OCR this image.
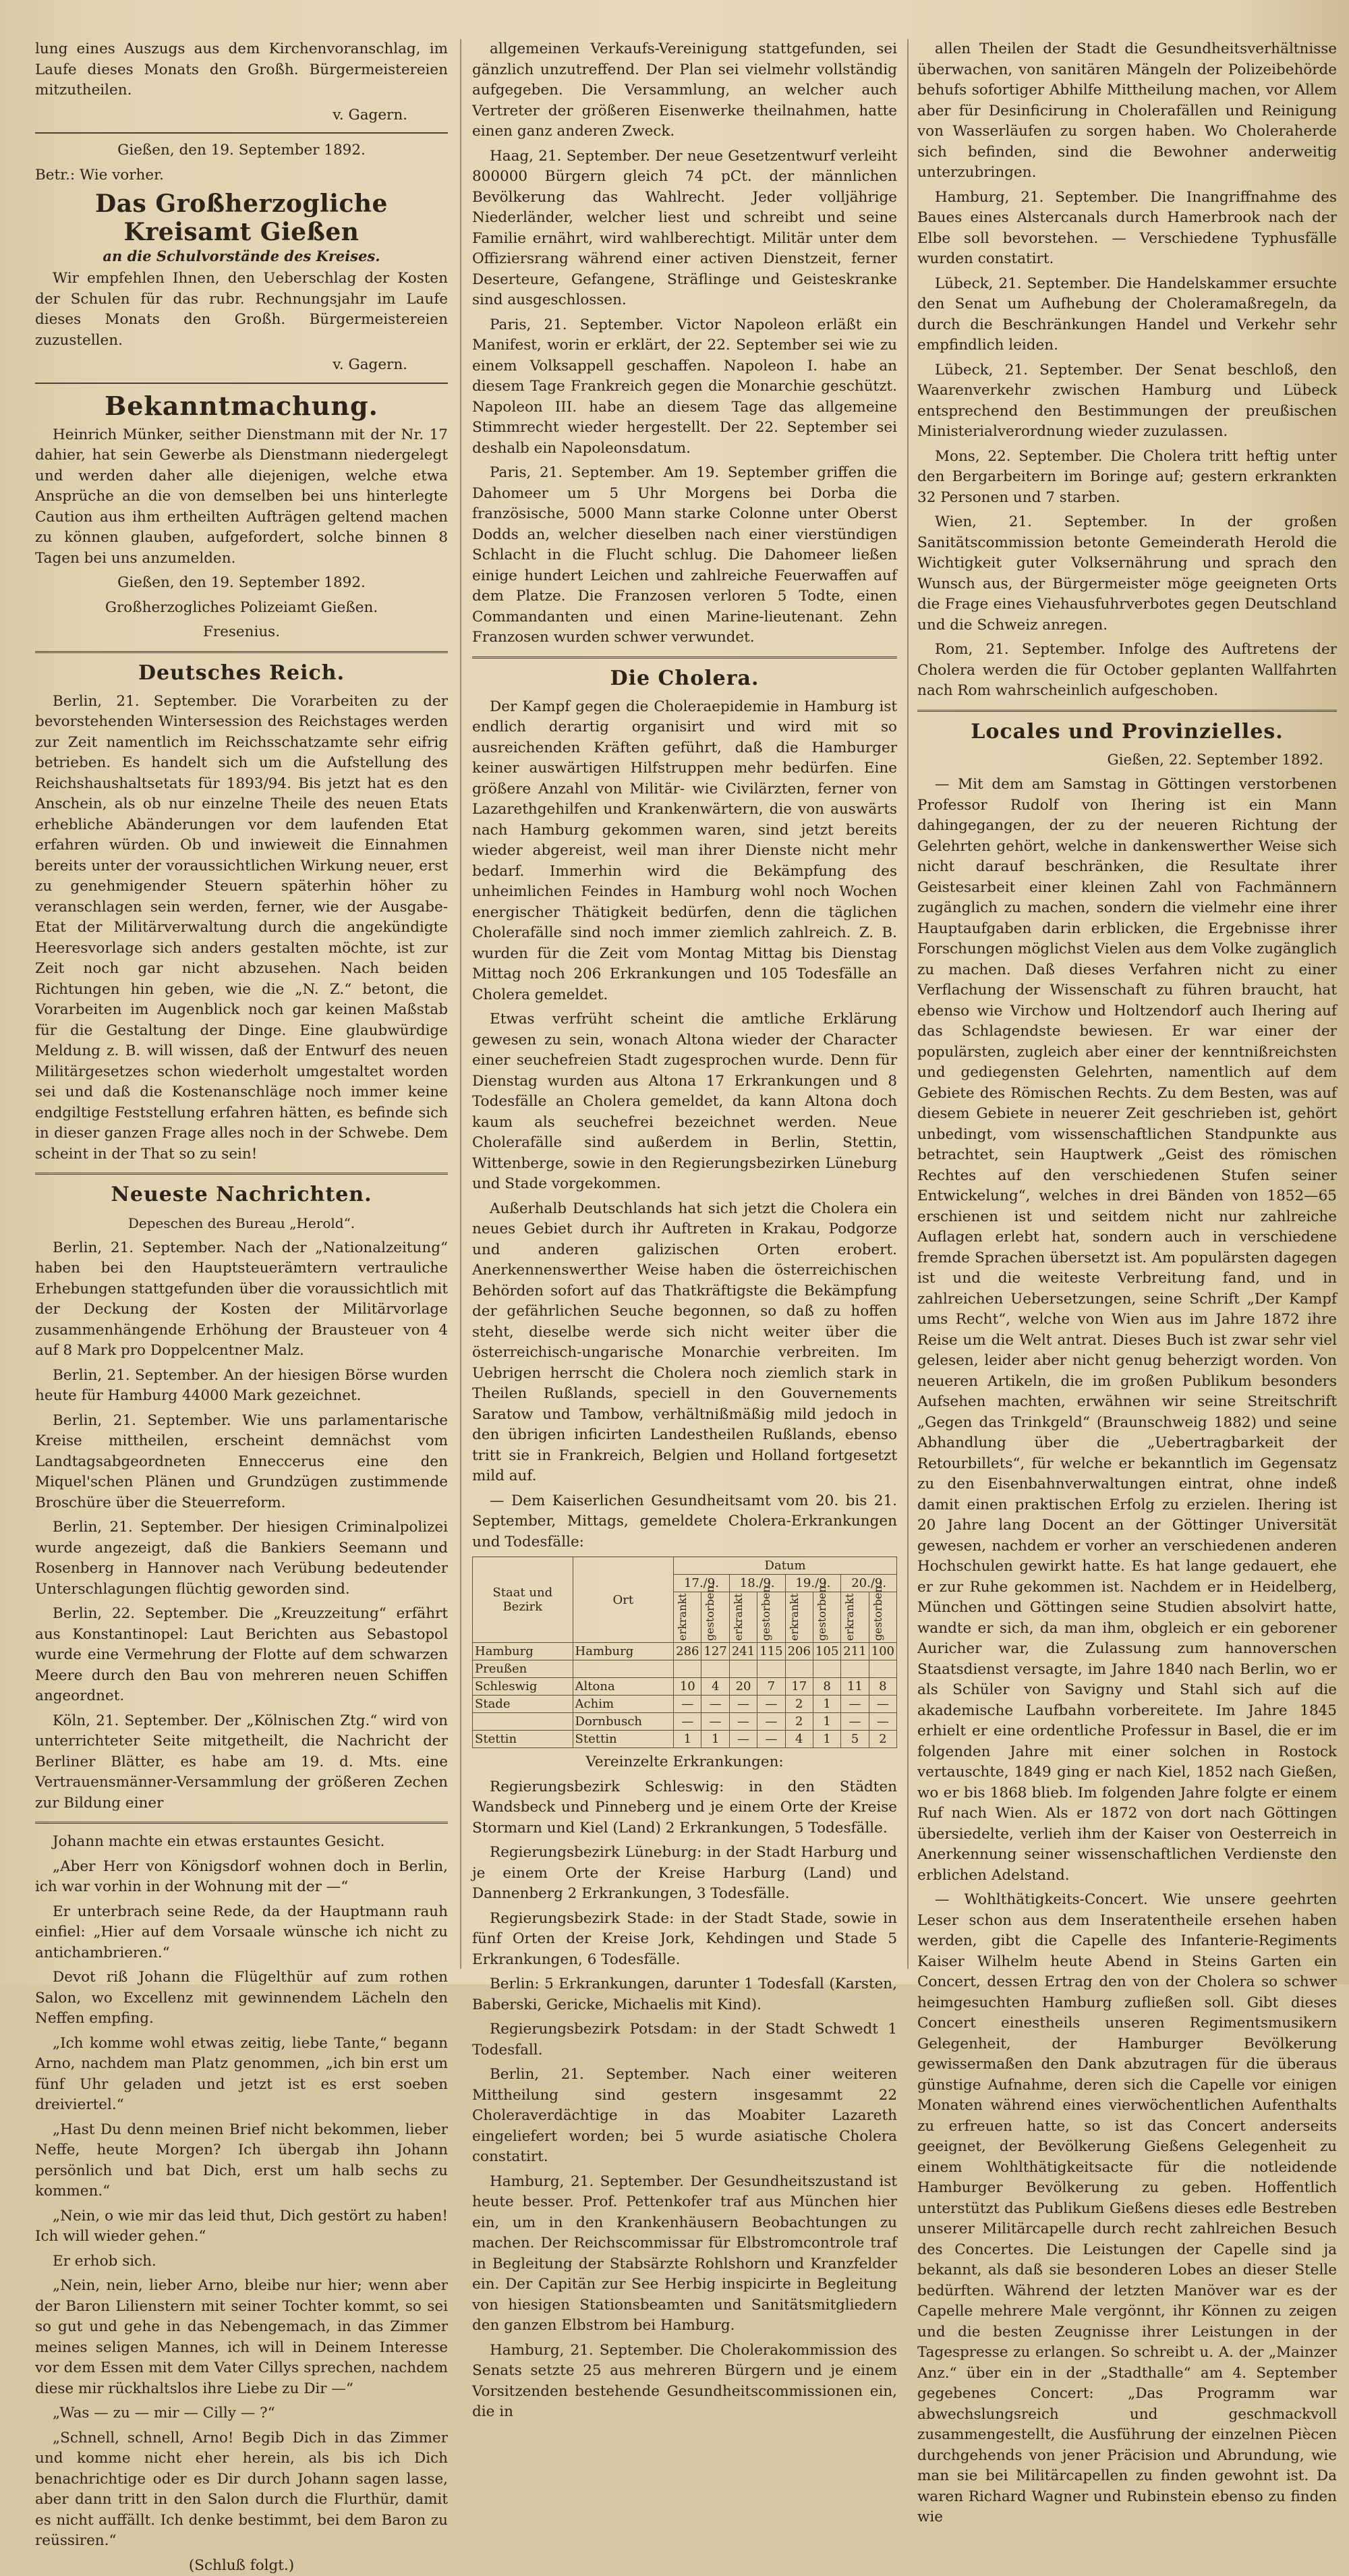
lung eines Auszugs aus dem Kirchenvoranschlag, im Laufe dieses Monats den Großh. Bürgermeistereien mitzutheilen.

v. Gagern.

Gießen, den 19. September 1892.

Betr.: Wie vorher.

Das Großherzogliche Kreisamt Gießen
an die Schulvorstände des Kreises.

Wir empfehlen Ihnen, den Ueberschlag der Kosten der Schulen für das rubr. Rechnungsjahr im Laufe dieses Monats den Großh. Bürgermeistereien zuzustellen.

v. Gagern.

Bekanntmachung.

Heinrich Münker, seither Dienstmann mit der Nr. 17 dahier, hat sein Gewerbe als Dienstmann niedergelegt und werden daher alle diejenigen, welche etwa Ansprüche an die von demselben bei uns hinterlegte Caution aus ihm ertheilten Aufträgen geltend machen zu können glauben, aufgefordert, solche binnen 8 Tagen bei uns anzumelden.

Gießen, den 19. September 1892.

Großherzogliches Polizeiamt Gießen.

Fresenius.

Deutsches Reich.

Berlin, 21. September. Die Vorarbeiten zu der bevorstehenden Wintersession des Reichstages werden zur Zeit namentlich im Reichsschatzamte sehr eifrig betrieben. Es handelt sich um die Aufstellung des Reichshaushaltsetats für 1893/94. Bis jetzt hat es den Anschein, als ob nur einzelne Theile des neuen Etats erhebliche Abänderungen vor dem laufenden Etat erfahren würden. Ob und inwieweit die Einnahmen bereits unter der voraussichtlichen Wirkung neuer, erst zu genehmigender Steuern späterhin höher zu veranschlagen sein werden, ferner, wie der Ausgabe-Etat der Militärverwaltung durch die angekündigte Heeresvorlage sich anders gestalten möchte, ist zur Zeit noch gar nicht abzusehen. Nach beiden Richtungen hin geben, wie die „N. Z.“ betont, die Vorarbeiten im Augenblick noch gar keinen Maßstab für die Gestaltung der Dinge. Eine glaubwürdige Meldung z. B. will wissen, daß der Entwurf des neuen Militärgesetzes schon wiederholt umgestaltet worden sei und daß die Kostenanschläge noch immer keine endgiltige Feststellung erfahren hätten, es befinde sich in dieser ganzen Frage alles noch in der Schwebe. Dem scheint in der That so zu sein!

Neueste Nachrichten.

Depeschen des Bureau „Herold“.

Berlin, 21. September. Nach der „Nationalzeitung“ haben bei den Hauptsteuerämtern vertrauliche Erhebungen stattgefunden über die voraussichtlich mit der Deckung der Kosten der Militärvorlage zusammenhängende Erhöhung der Brausteuer von 4 auf 8 Mark pro Doppelcentner Malz.

Berlin, 21. September. An der hiesigen Börse wurden heute für Hamburg 44000 Mark gezeichnet.

Berlin, 21. September. Wie uns parlamentarische Kreise mittheilen, erscheint demnächst vom Landtagsabgeordneten Enneccerus eine den Miquel'schen Plänen und Grundzügen zustimmende Broschüre über die Steuerreform.

Berlin, 21. September. Der hiesigen Criminalpolizei wurde angezeigt, daß die Bankiers Seemann und Rosenberg in Hannover nach Verübung bedeutender Unterschlagungen flüchtig geworden sind.

Berlin, 22. September. Die „Kreuzzeitung“ erfährt aus Konstantinopel: Laut Berichten aus Sebastopol wurde eine Vermehrung der Flotte auf dem schwarzen Meere durch den Bau von mehreren neuen Schiffen angeordnet.

Köln, 21. September. Der „Kölnischen Ztg.“ wird von unterrichteter Seite mitgetheilt, die Nachricht der Berliner Blätter, es habe am 19. d. Mts. eine Vertrauensmänner-Versammlung der größeren Zechen zur Bildung einer

Johann machte ein etwas erstauntes Gesicht.

„Aber Herr von Königsdorf wohnen doch in Berlin, ich war vorhin in der Wohnung mit der —“

Er unterbrach seine Rede, da der Hauptmann rauh einfiel: „Hier auf dem Vorsaale wünsche ich nicht zu antichambrieren.“

Devot riß Johann die Flügelthür auf zum rothen Salon, wo Excellenz mit gewinnendem Lächeln den Neffen empfing.

„Ich komme wohl etwas zeitig, liebe Tante,“ begann Arno, nachdem man Platz genommen, „ich bin erst um fünf Uhr geladen und jetzt ist es erst soeben dreiviertel.“

„Hast Du denn meinen Brief nicht bekommen, lieber Neffe, heute Morgen? Ich übergab ihn Johann persönlich und bat Dich, erst um halb sechs zu kommen.“

„Nein, o wie mir das leid thut, Dich gestört zu haben! Ich will wieder gehen.“

Er erhob sich.

„Nein, nein, lieber Arno, bleibe nur hier; wenn aber der Baron Lilienstern mit seiner Tochter kommt, so sei so gut und gehe in das Nebengemach, in das Zimmer meines seligen Mannes, ich will in Deinem Interesse vor dem Essen mit dem Vater Cillys sprechen, nachdem diese mir rückhaltslos ihre Liebe zu Dir —“

„Was — zu — mir — Cilly — ?“

„Schnell, schnell, Arno! Begib Dich in das Zimmer und komme nicht eher herein, als bis ich Dich benachrichtige oder es Dir durch Johann sagen lasse, aber dann tritt in den Salon durch die Flurthür, damit es nicht auffällt. Ich denke bestimmt, bei dem Baron zu reüssiren.“

(Schluß folgt.)

allgemeinen Verkaufs-Vereinigung stattgefunden, sei gänzlich unzutreffend. Der Plan sei vielmehr vollständig aufgegeben. Die Versammlung, an welcher auch Vertreter der größeren Eisenwerke theilnahmen, hatte einen ganz anderen Zweck.

Haag, 21. September. Der neue Gesetzentwurf verleiht 800000 Bürgern gleich 74 pCt. der männlichen Bevölkerung das Wahlrecht. Jeder volljährige Niederländer, welcher liest und schreibt und seine Familie ernährt, wird wahlberechtigt. Militär unter dem Offiziersrang während einer activen Dienstzeit, ferner Deserteure, Gefangene, Sträflinge und Geisteskranke sind ausgeschlossen.

Paris, 21. September. Victor Napoleon erläßt ein Manifest, worin er erklärt, der 22. September sei wie zu einem Volksappell geschaffen. Napoleon I. habe an diesem Tage Frankreich gegen die Monarchie geschützt. Napoleon III. habe an diesem Tage das allgemeine Stimmrecht wieder hergestellt. Der 22. September sei deshalb ein Napoleonsdatum.

Paris, 21. September. Am 19. September griffen die Dahomeer um 5 Uhr Morgens bei Dorba die französische, 5000 Mann starke Colonne unter Oberst Dodds an, welcher dieselben nach einer vierstündigen Schlacht in die Flucht schlug. Die Dahomeer ließen einige hundert Leichen und zahlreiche Feuerwaffen auf dem Platze. Die Franzosen verloren 5 Todte, einen Commandanten und einen Marine-lieutenant. Zehn Franzosen wurden schwer verwundet.

Die Cholera.

Der Kampf gegen die Choleraepidemie in Hamburg ist endlich derartig organisirt und wird mit so ausreichenden Kräften geführt, daß die Hamburger keiner auswärtigen Hilfstruppen mehr bedürfen. Eine größere Anzahl von Militär- wie Civilärzten, ferner von Lazarethgehilfen und Krankenwärtern, die von auswärts nach Hamburg gekommen waren, sind jetzt bereits wieder abgereist, weil man ihrer Dienste nicht mehr bedarf. Immerhin wird die Bekämpfung des unheimlichen Feindes in Hamburg wohl noch Wochen energischer Thätigkeit bedürfen, denn die täglichen Cholerafälle sind noch immer ziemlich zahlreich. Z. B. wurden für die Zeit vom Montag Mittag bis Dienstag Mittag noch 206 Erkrankungen und 105 Todesfälle an Cholera gemeldet.

Etwas verfrüht scheint die amtliche Erklärung gewesen zu sein, wonach Altona wieder der Character einer seuchefreien Stadt zugesprochen wurde. Denn für Dienstag wurden aus Altona 17 Erkrankungen und 8 Todesfälle an Cholera gemeldet, da kann Altona doch kaum als seuchefrei bezeichnet werden. Neue Cholerafälle sind außerdem in Berlin, Stettin, Wittenberge, sowie in den Regierungsbezirken Lüneburg und Stade vorgekommen.

Außerhalb Deutschlands hat sich jetzt die Cholera ein neues Gebiet durch ihr Auftreten in Krakau, Podgorze und anderen galizischen Orten erobert. Anerkennenswerther Weise haben die österreichischen Behörden sofort auf das Thatkräftigste die Bekämpfung der gefährlichen Seuche begonnen, so daß zu hoffen steht, dieselbe werde sich nicht weiter über die österreichisch-ungarische Monarchie verbreiten. Im Uebrigen herrscht die Cholera noch ziemlich stark in Theilen Rußlands, speciell in den Gouvernements Saratow und Tambow, verhältnißmäßig mild jedoch in den übrigen inficirten Landestheilen Rußlands, ebenso tritt sie in Frankreich, Belgien und Holland fortgesetzt mild auf.

— Dem Kaiserlichen Gesundheitsamt vom 20. bis 21. September, Mittags, gemeldete Cholera-Erkrankungen und Todesfälle:

Staat und Bezirk	Ort	Datum							
		17./9.		18./9.		19./9.		20./9.	

		erkrankt	gestorben	erkrankt	gestorben	erkrankt	gestorben	erkrankt	gestorben

Hamburg	Hamburg	286	127	241	115	206	105	211	100
Preußen									
Schleswig	Altona	10	4	20	7	17	8	11	8
Stade	Achim	—	—	—	—	2	1	—	—
	Dornbusch	—	—	—	—	2	1	—	—
Stettin	Stettin	1	1	—	—	4	1	5	2

Vereinzelte Erkrankungen:

Regierungsbezirk Schleswig: in den Städten Wandsbeck und Pinneberg und je einem Orte der Kreise Stormarn und Kiel (Land) 2 Erkrankungen, 5 Todesfälle.

Regierungsbezirk Lüneburg: in der Stadt Harburg und je einem Orte der Kreise Harburg (Land) und Dannenberg 2 Erkrankungen, 3 Todesfälle.

Regierungsbezirk Stade: in der Stadt Stade, sowie in fünf Orten der Kreise Jork, Kehdingen und Stade 5 Erkrankungen, 6 Todesfälle.

Berlin: 5 Erkrankungen, darunter 1 Todesfall (Karsten, Baberski, Gericke, Michaelis mit Kind).

Regierungsbezirk Potsdam: in der Stadt Schwedt 1 Todesfall.

Berlin, 21. September. Nach einer weiteren Mittheilung sind gestern insgesammt 22 Choleraverdächtige in das Moabiter Lazareth eingeliefert worden; bei 5 wurde asiatische Cholera constatirt.

Hamburg, 21. September. Der Gesundheitszustand ist heute besser. Prof. Pettenkofer traf aus München hier ein, um in den Krankenhäusern Beobachtungen zu machen. Der Reichscommissar für Elbstromcontrole traf in Begleitung der Stabsärzte Rohlshorn und Kranzfelder ein. Der Capitän zur See Herbig inspicirte in Begleitung von hiesigen Stationsbeamten und Sanitätsmitgliedern den ganzen Elbstrom bei Hamburg.

Hamburg, 21. September. Die Cholerakommission des Senats setzte 25 aus mehreren Bürgern und je einem Vorsitzenden bestehende Gesundheitscommissionen ein, die in

allen Theilen der Stadt die Gesundheitsverhältnisse überwachen, von sanitären Mängeln der Polizeibehörde behufs sofortiger Abhilfe Mittheilung machen, vor Allem aber für Desinficirung in Cholerafällen und Reinigung von Wasserläufen zu sorgen haben. Wo Choleraherde sich befinden, sind die Bewohner anderweitig unterzubringen.

Hamburg, 21. September. Die Inangriffnahme des Baues eines Alstercanals durch Hamerbrook nach der Elbe soll bevorstehen. — Verschiedene Typhusfälle wurden constatirt.

Lübeck, 21. September. Die Handelskammer ersuchte den Senat um Aufhebung der Choleramaßregeln, da durch die Beschränkungen Handel und Verkehr sehr empfindlich leiden.

Lübeck, 21. September. Der Senat beschloß, den Waarenverkehr zwischen Hamburg und Lübeck entsprechend den Bestimmungen der preußischen Ministerialverordnung wieder zuzulassen.

Mons, 22. September. Die Cholera tritt heftig unter den Bergarbeitern im Boringe auf; gestern erkrankten 32 Personen und 7 starben.

Wien, 21. September. In der großen Sanitätscommission betonte Gemeinderath Herold die Wichtigkeit guter Volksernährung und sprach den Wunsch aus, der Bürgermeister möge geeigneten Orts die Frage eines Viehausfuhrverbotes gegen Deutschland und die Schweiz anregen.

Rom, 21. September. Infolge des Auftretens der Cholera werden die für October geplanten Wallfahrten nach Rom wahrscheinlich aufgeschoben.

Locales und Provinzielles.

Gießen, 22. September 1892.

— Mit dem am Samstag in Göttingen verstorbenen Professor Rudolf von Ihering ist ein Mann dahingegangen, der zu der neueren Richtung der Gelehrten gehört, welche in dankenswerther Weise sich nicht darauf beschränken, die Resultate ihrer Geistesarbeit einer kleinen Zahl von Fachmännern zugänglich zu machen, sondern die vielmehr eine ihrer Hauptaufgaben darin erblicken, die Ergebnisse ihrer Forschungen möglichst Vielen aus dem Volke zugänglich zu machen. Daß dieses Verfahren nicht zu einer Verflachung der Wissenschaft zu führen braucht, hat ebenso wie Virchow und Holtzendorf auch Ihering auf das Schlagendste bewiesen. Er war einer der populärsten, zugleich aber einer der kenntnißreichsten und gediegensten Gelehrten, namentlich auf dem Gebiete des Römischen Rechts. Zu dem Besten, was auf diesem Gebiete in neuerer Zeit geschrieben ist, gehört unbedingt, vom wissenschaftlichen Standpunkte aus betrachtet, sein Hauptwerk „Geist des römischen Rechtes auf den verschiedenen Stufen seiner Entwickelung“, welches in drei Bänden von 1852—65 erschienen ist und seitdem nicht nur zahlreiche Auflagen erlebt hat, sondern auch in verschiedene fremde Sprachen übersetzt ist. Am populärsten dagegen ist und die weiteste Verbreitung fand, und in zahlreichen Uebersetzungen, seine Schrift „Der Kampf ums Recht“, welche von Wien aus im Jahre 1872 ihre Reise um die Welt antrat. Dieses Buch ist zwar sehr viel gelesen, leider aber nicht genug beherzigt worden. Von neueren Artikeln, die im großen Publikum besonders Aufsehen machten, erwähnen wir seine Streitschrift „Gegen das Trinkgeld“ (Braunschweig 1882) und seine Abhandlung über die „Uebertragbarkeit der Retourbillets“, für welche er bekanntlich im Gegensatz zu den Eisenbahnverwaltungen eintrat, ohne indeß damit einen praktischen Erfolg zu erzielen. Ihering ist 20 Jahre lang Docent an der Göttinger Universität gewesen, nachdem er vorher an verschiedenen anderen Hochschulen gewirkt hatte. Es hat lange gedauert, ehe er zur Ruhe gekommen ist. Nachdem er in Heidelberg, München und Göttingen seine Studien absolvirt hatte, wandte er sich, da man ihm, obgleich er ein geborener Auricher war, die Zulassung zum hannoverschen Staatsdienst versagte, im Jahre 1840 nach Berlin, wo er als Schüler von Savigny und Stahl sich auf die akademische Laufbahn vorbereitete. Im Jahre 1845 erhielt er eine ordentliche Professur in Basel, die er im folgenden Jahre mit einer solchen in Rostock vertauschte, 1849 ging er nach Kiel, 1852 nach Gießen, wo er bis 1868 blieb. Im folgenden Jahre folgte er einem Ruf nach Wien. Als er 1872 von dort nach Göttingen übersiedelte, verlieh ihm der Kaiser von Oesterreich in Anerkennung seiner wissenschaftlichen Verdienste den erblichen Adelstand.

— Wohlthätigkeits-Concert. Wie unsere geehrten Leser schon aus dem Inseratentheile ersehen haben werden, gibt die Capelle des Infanterie-Regiments Kaiser Wilhelm heute Abend in Steins Garten ein Concert, dessen Ertrag den von der Cholera so schwer heimgesuchten Hamburg zufließen soll. Gibt dieses Concert einestheils unseren Regimentsmusikern Gelegenheit, der Hamburger Bevölkerung gewissermaßen den Dank abzutragen für die überaus günstige Aufnahme, deren sich die Capelle vor einigen Monaten während eines vierwöchentlichen Aufenthalts zu erfreuen hatte, so ist das Concert anderseits geeignet, der Bevölkerung Gießens Gelegenheit zu einem Wohlthätigkeitsacte für die notleidende Hamburger Bevölkerung zu geben. Hoffentlich unterstützt das Publikum Gießens dieses edle Bestreben unserer Militärcapelle durch recht zahlreichen Besuch des Concertes. Die Leistungen der Capelle sind ja bekannt, als daß sie besonderen Lobes an dieser Stelle bedürften. Während der letzten Manöver war es der Capelle mehrere Male vergönnt, ihr Können zu zeigen und die besten Zeugnisse ihrer Leistungen in der Tagespresse zu erlangen. So schreibt u. A. der „Mainzer Anz.“ über ein in der „Stadthalle“ am 4. September gegebenes Concert: „Das Programm war abwechslungsreich und geschmackvoll zusammengestellt, die Ausführung der einzelnen Piècen durchgehends von jener Präcision und Abrundung, wie man sie bei Militärcapellen zu finden gewohnt ist. Da waren Richard Wagner und Rubinstein ebenso zu finden wie
